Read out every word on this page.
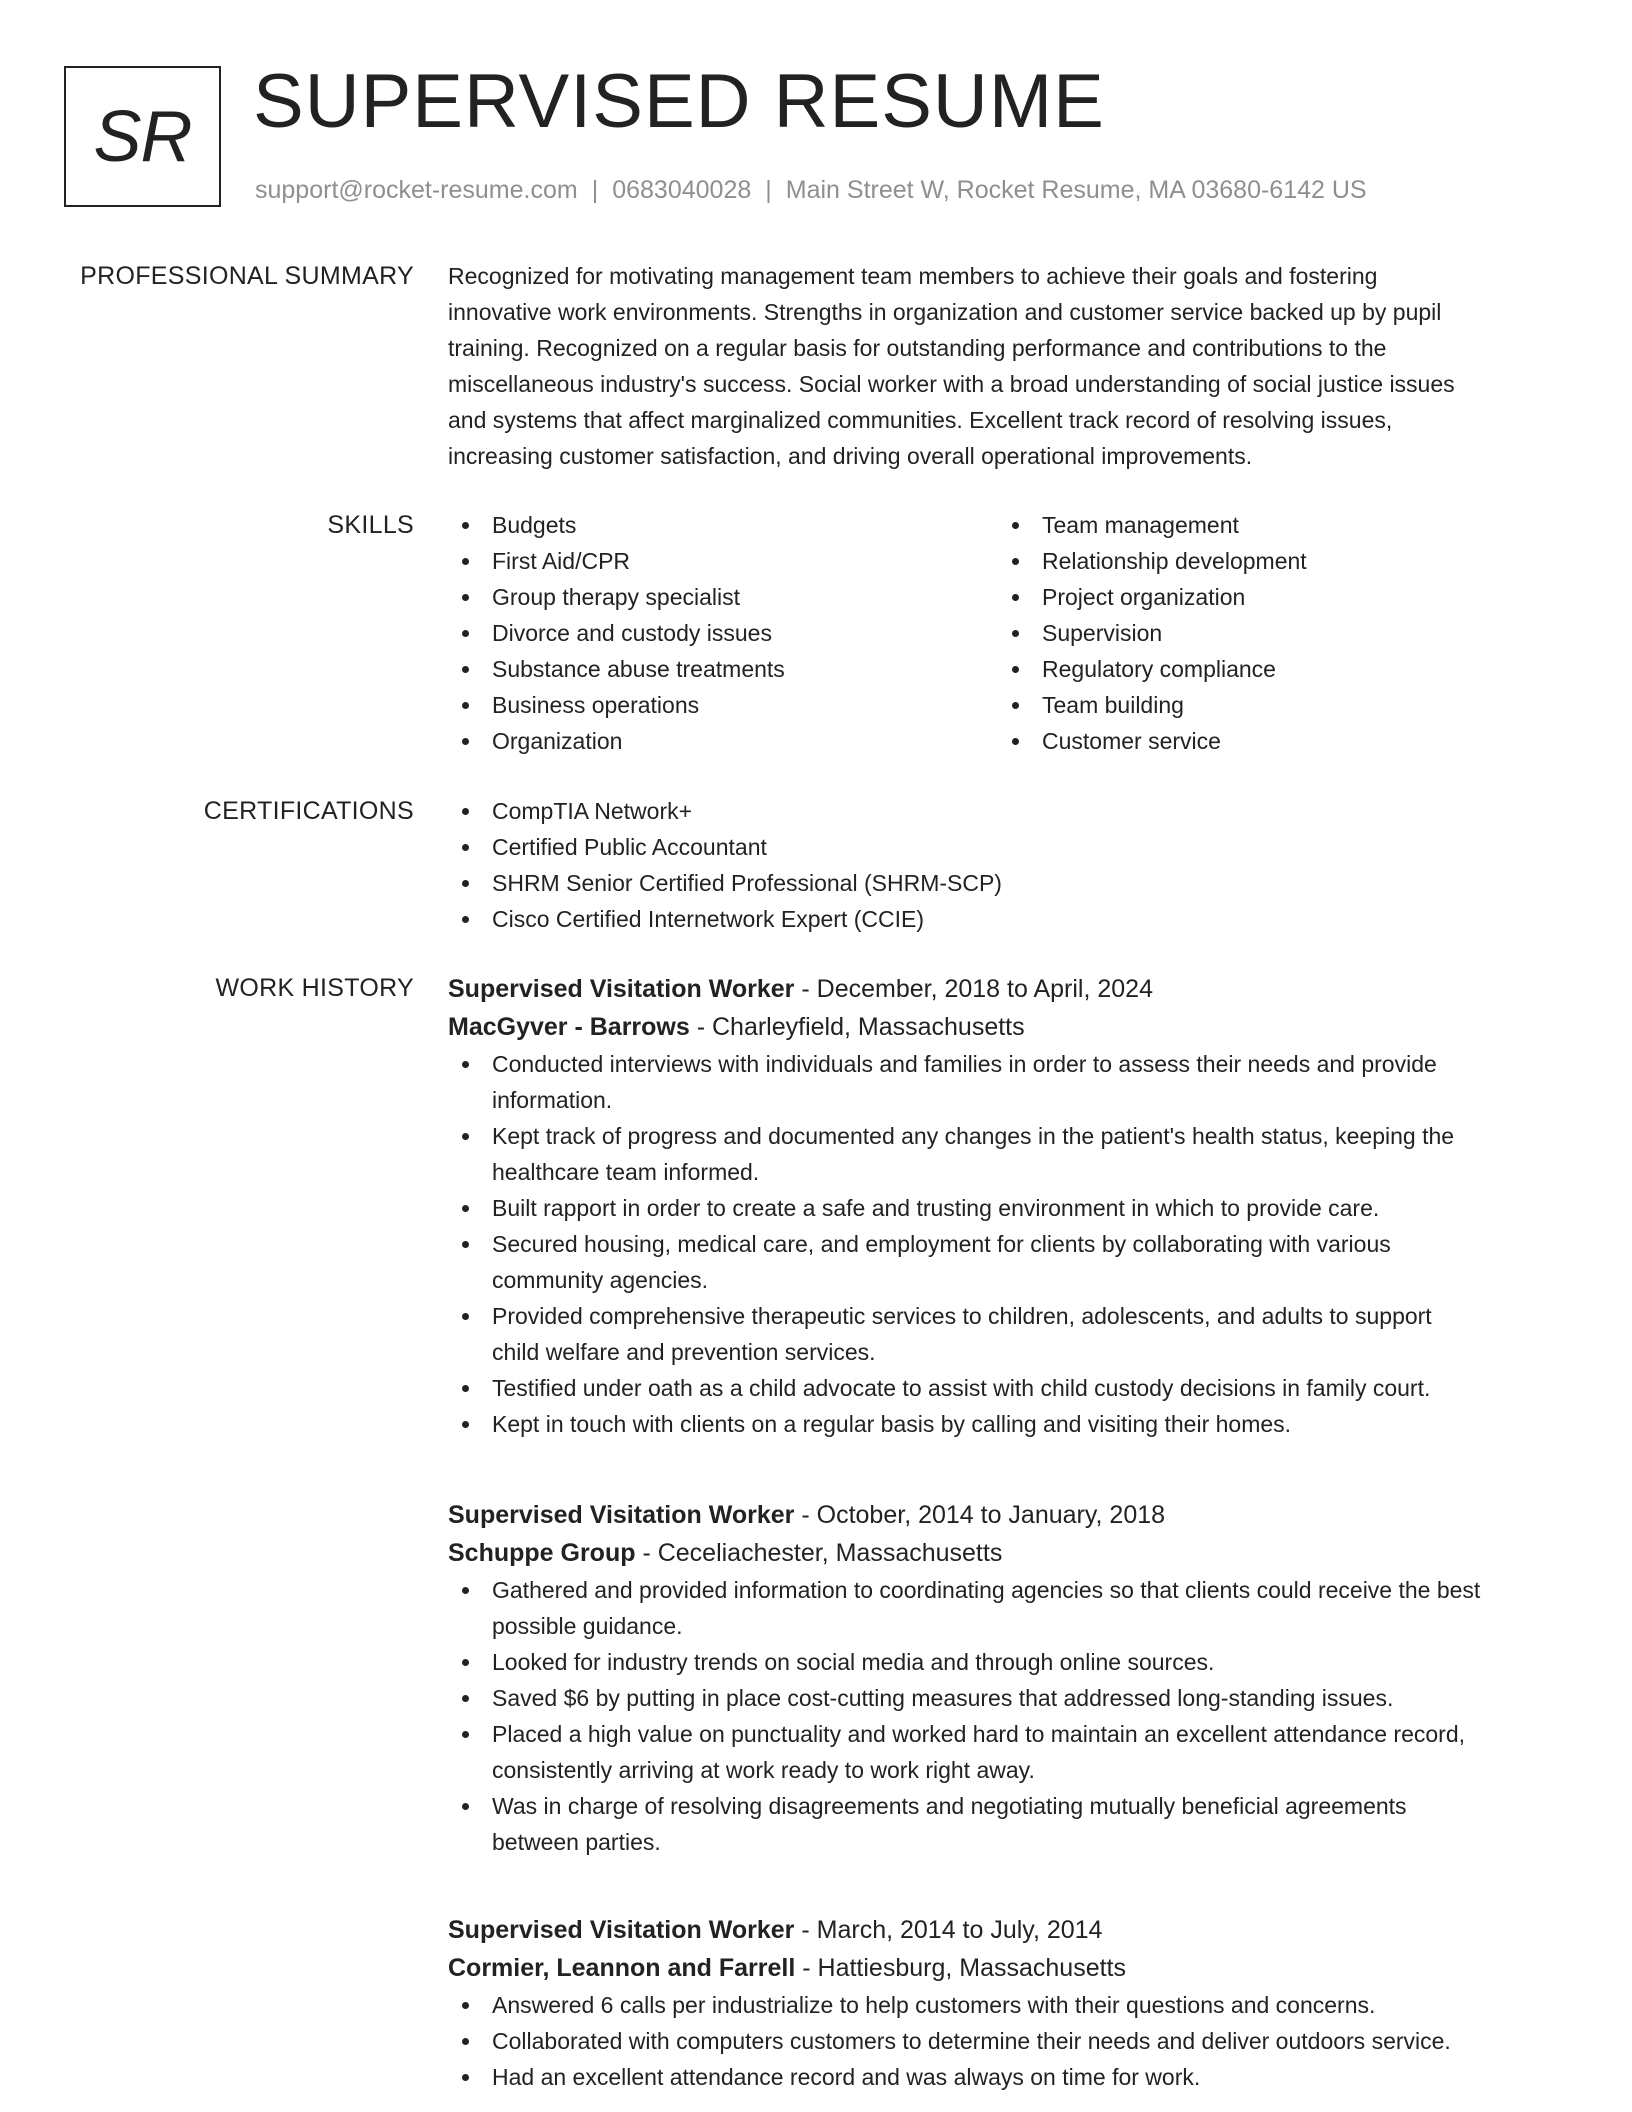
SR SUPERVISED RESUME
support@rocket-resume.com | 0683040028 | Main Street W, Rocket Resume, MA 03680-6142 US
PROFESSIONAL SUMMARY Recognized for motivating management team members to achieve their goals and fostering
innovative work environments. Strengths in organization and customer service backed up by pupil
training. Recognized on a regular basis for outstanding performance and contributions to the
miscellaneous industry's success. Social worker with a broad understanding of social justice issues
and systems that affect marginalized communities. Excellent track record of resolving issues,
increasing customer satisfaction, and driving overall operational improvements.
SKILLS	Budgets
First Aid/CPR
Group therapy specialist
Divorce and custody issues
Substance abuse treatments
Business operations
Organization
Team management
Relationship development
Project organization
Supervision
Regulatory compliance
Team building
Customer service
CERTIFICATIONS	CompTIA Network+
Certified Public Accountant
SHRM Senior Certified Professional (SHRM-SCP)
Cisco Certified Internetwork Expert (CCIE)
WORK HISTORY Supervised Visitation Worker - December, 2018 to April, 2024
MacGyver - Barrows - Charleyfield, Massachusetts
Conducted interviews with individuals and families in order to assess their needs and provide
information.
Kept track of progress and documented any changes in the patient's health status, keeping the
healthcare team informed.
Built rapport in order to create a safe and trusting environment in which to provide care.
Secured housing, medical care, and employment for clients by collaborating with various
community agencies.
Provided comprehensive therapeutic services to children, adolescents, and adults to support
child welfare and prevention services.
Testified under oath as a child advocate to assist with child custody decisions in family court.
Kept in touch with clients on a regular basis by calling and visiting their homes.
Supervised Visitation Worker - October, 2014 to January, 2018
Schuppe Group - Ceceliachester, Massachusetts
Gathered and provided information to coordinating agencies so that clients could receive the best
possible guidance.
Looked for industry trends on social media and through online sources.
Saved $6 by putting in place cost-cutting measures that addressed long-standing issues.
Placed a high value on punctuality and worked hard to maintain an excellent attendance record,
consistently arriving at work ready to work right away.
Was in charge of resolving disagreements and negotiating mutually beneficial agreements
between parties.
Supervised Visitation Worker - March, 2014 to July, 2014
Cormier, Leannon and Farrell - Hattiesburg, Massachusetts
Answered 6 calls per industrialize to help customers with their questions and concerns.
Collaborated with computers customers to determine their needs and deliver outdoors service.
Had an excellent attendance record and was always on time for work.
